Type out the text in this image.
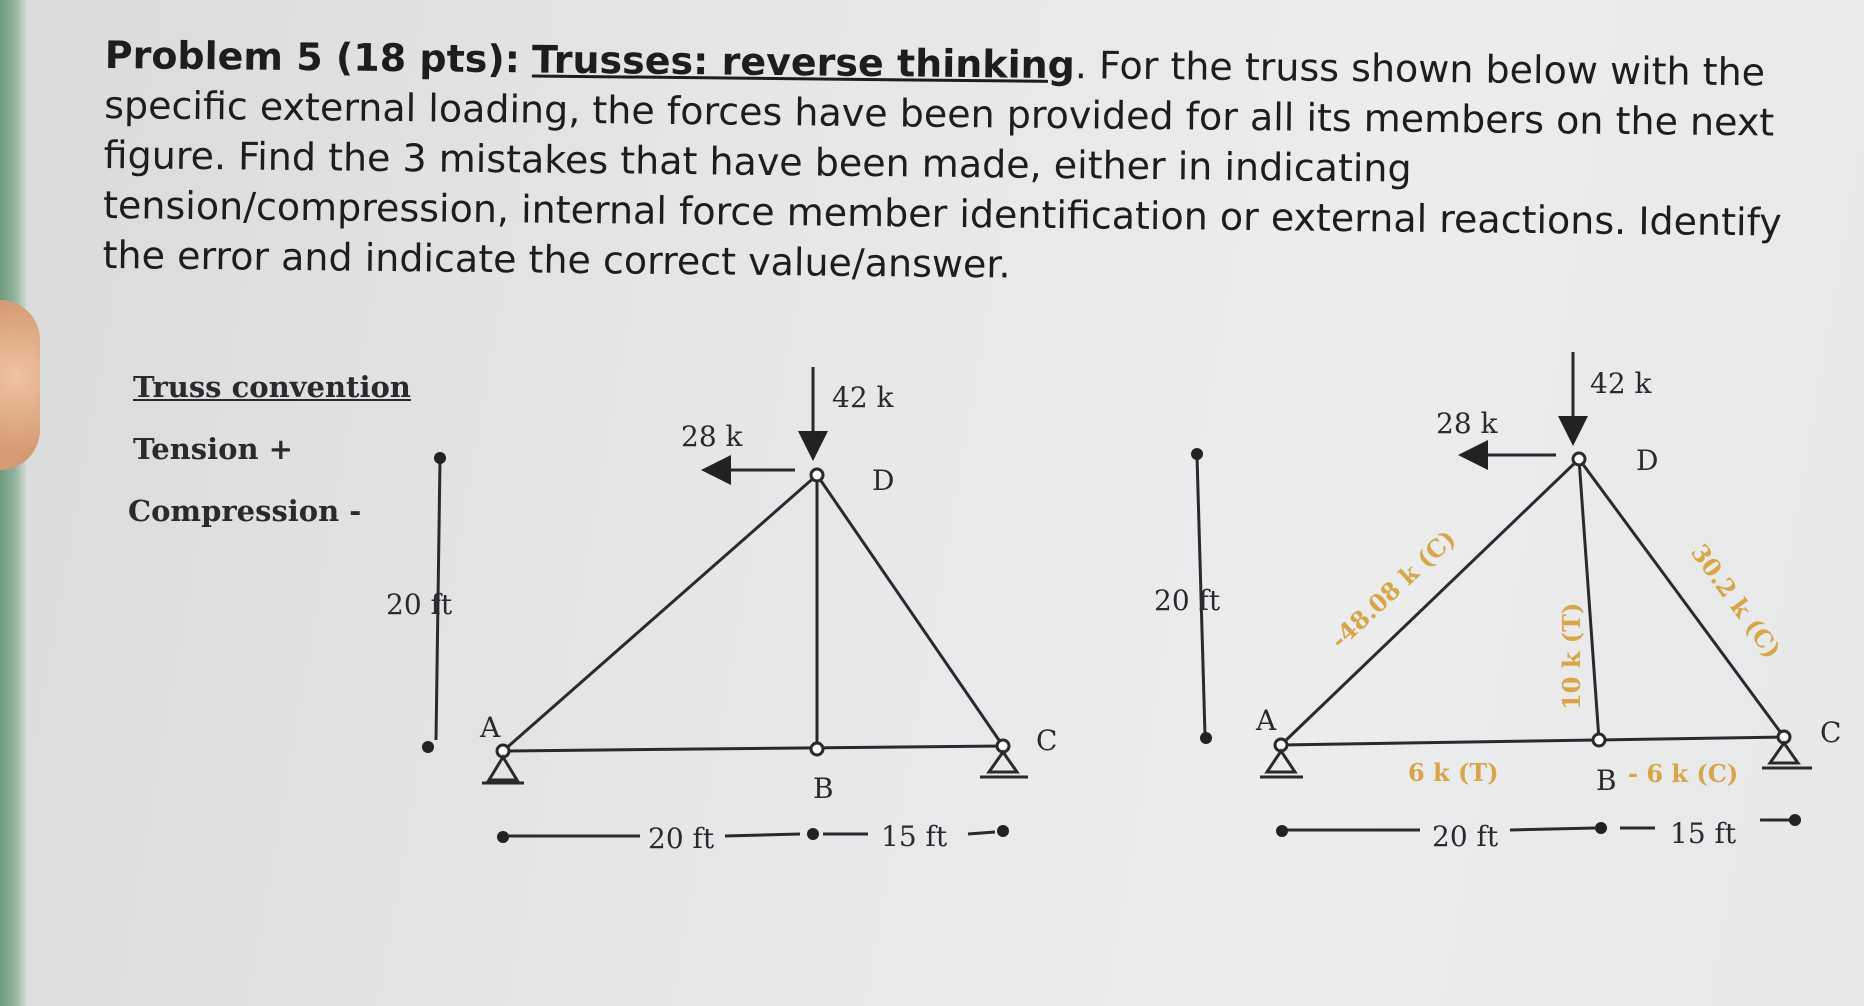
Problem 5 (18 pts): Trusses: reverse thinking. For the truss shown below with the specific external loading, the forces have been provided for all its members on the next figure. Find the 3 mistakes that have been made, either in indicating tension/compression, internal force member identification or external reactions. Identify the error and indicate the correct value/answer.
Truss convention
Tension +
Compression -
28 k
42 k
D
A
B
C
20 ft
20 ft	15 ft
28 k
42 k
D
A
B
C
20 ft
20 ft	15 ft
-48.08 k (C)
10 k (T)	30.2 k (C)
6 k (T)	- 6 k (C)
